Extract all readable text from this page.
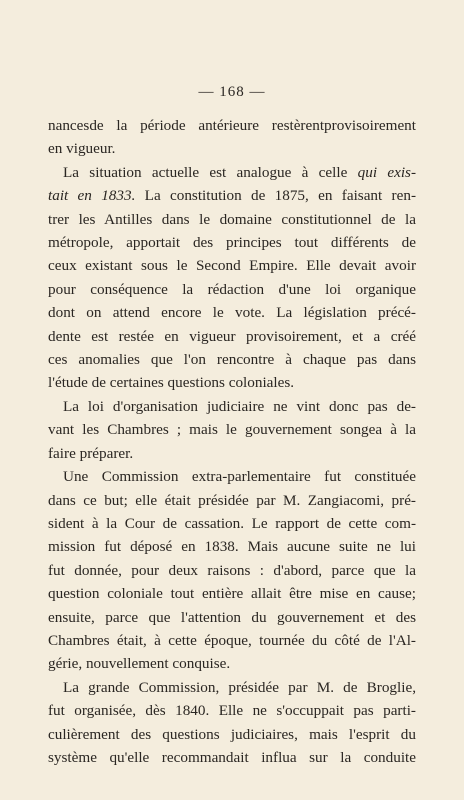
— 168 —
nancesde la période antérieure restèrentprovisoirement
en vigueur.
La situation actuelle est analogue à celle qui exis-
tait en 1833. La constitution de 1875, en faisant ren-
trer les Antilles dans le domaine constitutionnel de la
métropole, apportait des principes tout différents de
ceux existant sous le Second Empire. Elle devait avoir
pour conséquence la rédaction d'une loi organique
dont on attend encore le vote. La législation précé-
dente est restée en vigueur provisoirement, et a créé
ces anomalies que l'on rencontre à chaque pas dans
l'étude de certaines questions coloniales.
La loi d'organisation judiciaire ne vint donc pas de-
vant les Chambres ; mais le gouvernement songea à la
faire préparer.
Une Commission extra-parlementaire fut constituée
dans ce but; elle était présidée par M. Zangiacomi, pré-
sident à la Cour de cassation. Le rapport de cette com-
mission fut déposé en 1838. Mais aucune suite ne lui
fut donnée, pour deux raisons : d'abord, parce que la
question coloniale tout entière allait être mise en cause;
ensuite, parce que l'attention du gouvernement et des
Chambres était, à cette époque, tournée du côté de l'Al-
gérie, nouvellement conquise.
La grande Commission, présidée par M. de Broglie,
fut organisée, dès 1840. Elle ne s'occuppait pas parti-
culièrement des questions judiciaires, mais l'esprit du
système qu'elle recommandait influa sur la conduite
